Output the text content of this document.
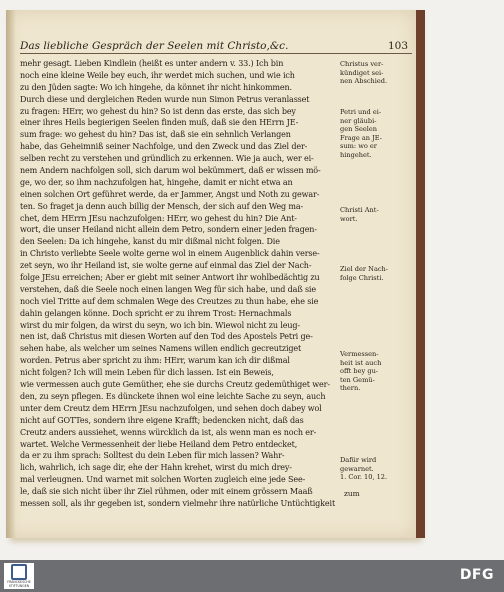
Das liebliche Gespräch der Seelen mit Christo,&c.	103
mehr gesagt. Lieben Kindlein (heißt es unter andern v. 33.) Ich bin
noch eine kleine Weile bey euch, ihr werdet mich suchen, und wie ich
zu den Jüden sagte: Wo ich hingehe, da könnet ihr nicht hinkommen.
Durch diese und dergleichen Reden wurde nun Simon Petrus veranlasset
zu fragen: HErr, wo gehest du hin? So ist denn das erste, das sich bey
einer ihres Heils begierigen Seelen finden muß, daß sie den HErrn JE-
sum frage: wo gehest du hin? Das ist, daß sie ein sehnlich Verlangen
habe, das Geheimniß seiner Nachfolge, und den Zweck und das Ziel der-
selben recht zu verstehen und gründlich zu erkennen. Wie ja auch, wer ei-
nem Andern nachfolgen soll, sich darum wol bekümmert, daß er wissen mö-
ge, wo der, so ihm nachzufolgen hat, hingehe, damit er nicht etwa an
einen solchen Ort geführet werde, da er Jammer, Angst und Noth zu gewar-
ten. So fraget ja denn auch billig der Mensch, der sich auf den Weg ma-
chet, dem HErrn JEsu nachzufolgen: HErr, wo gehest du hin? Die Ant-
wort, die unser Heiland nicht allein dem Petro, sondern einer jeden fragen-
den Seelen: Da ich hingehe, kanst du mir dißmal nicht folgen. Die
in Christo verliebte Seele wolte gerne wol in einem Augenblick dahin verse-
zet seyn, wo ihr Heiland ist, sie wolte gerne auf einmal das Ziel der Nach-
folge JEsu erreichen; Aber er giebt mit seiner Antwort ihr wohlbedächtig zu
verstehen, daß die Seele noch einen langen Weg für sich habe, und daß sie
noch viel Tritte auf dem schmalen Wege des Creutzes zu thun habe, ehe sie
dahin gelangen könne. Doch spricht er zu ihrem Trost: Hernachmals
wirst du mir folgen, da wirst du seyn, wo ich bin. Wiewol nicht zu leug-
nen ist, daß Christus mit diesen Worten auf den Tod des Apostels Petri ge-
sehen habe, als welcher um seines Namens willen endlich gecreutziget
worden. Petrus aber spricht zu ihm: HErr, warum kan ich dir dißmal
nicht folgen? Ich will mein Leben für dich lassen. Ist ein Beweis,
wie vermessen auch gute Gemüther, ehe sie durchs Creutz gedemüthiget wer-
den, zu seyn pflegen. Es dünckete ihnen wol eine leichte Sache zu seyn, auch
unter dem Creutz dem HErrn JEsu nachzufolgen, und sehen doch dabey wol
nicht auf GOTTes, sondern ihre eigene Krafft; bedencken nicht, daß das
Creutz anders aussiehet, wenns würcklich da ist, als wenn man es noch er-
wartet. Welche Vermessenheit der liebe Heiland dem Petro entdecket,
da er zu ihm sprach: Solltest du dein Leben für mich lassen? Wahr-
lich, wahrlich, ich sage dir, ehe der Hahn krehet, wirst du mich drey-
mal verleugnen. Und warnet mit solchen Worten zugleich eine jede See-
le, daß sie sich nicht über ihr Ziel rühmen, oder mit einem grössern Maaß
messen soll, als ihr gegeben ist, sondern vielmehr ihre natürliche Untüchtigkeit
Christus ver-
kündiget sei-
nen Abschied.
Petri und ei-
ner gläubi-
gen Seelen
Frage an JE-
sum: wo er
hingehet.
Christi Ant-
wort.
Ziel der Nach-
folge Christi.
Vermessen-
heit ist auch
offt bey gu-
ten Gemü-
thern.
Dafür wird
gewarnet.
1. Cor. 10, 12.
zum
FRANCKESCHE STIFTUNGEN
DFG
